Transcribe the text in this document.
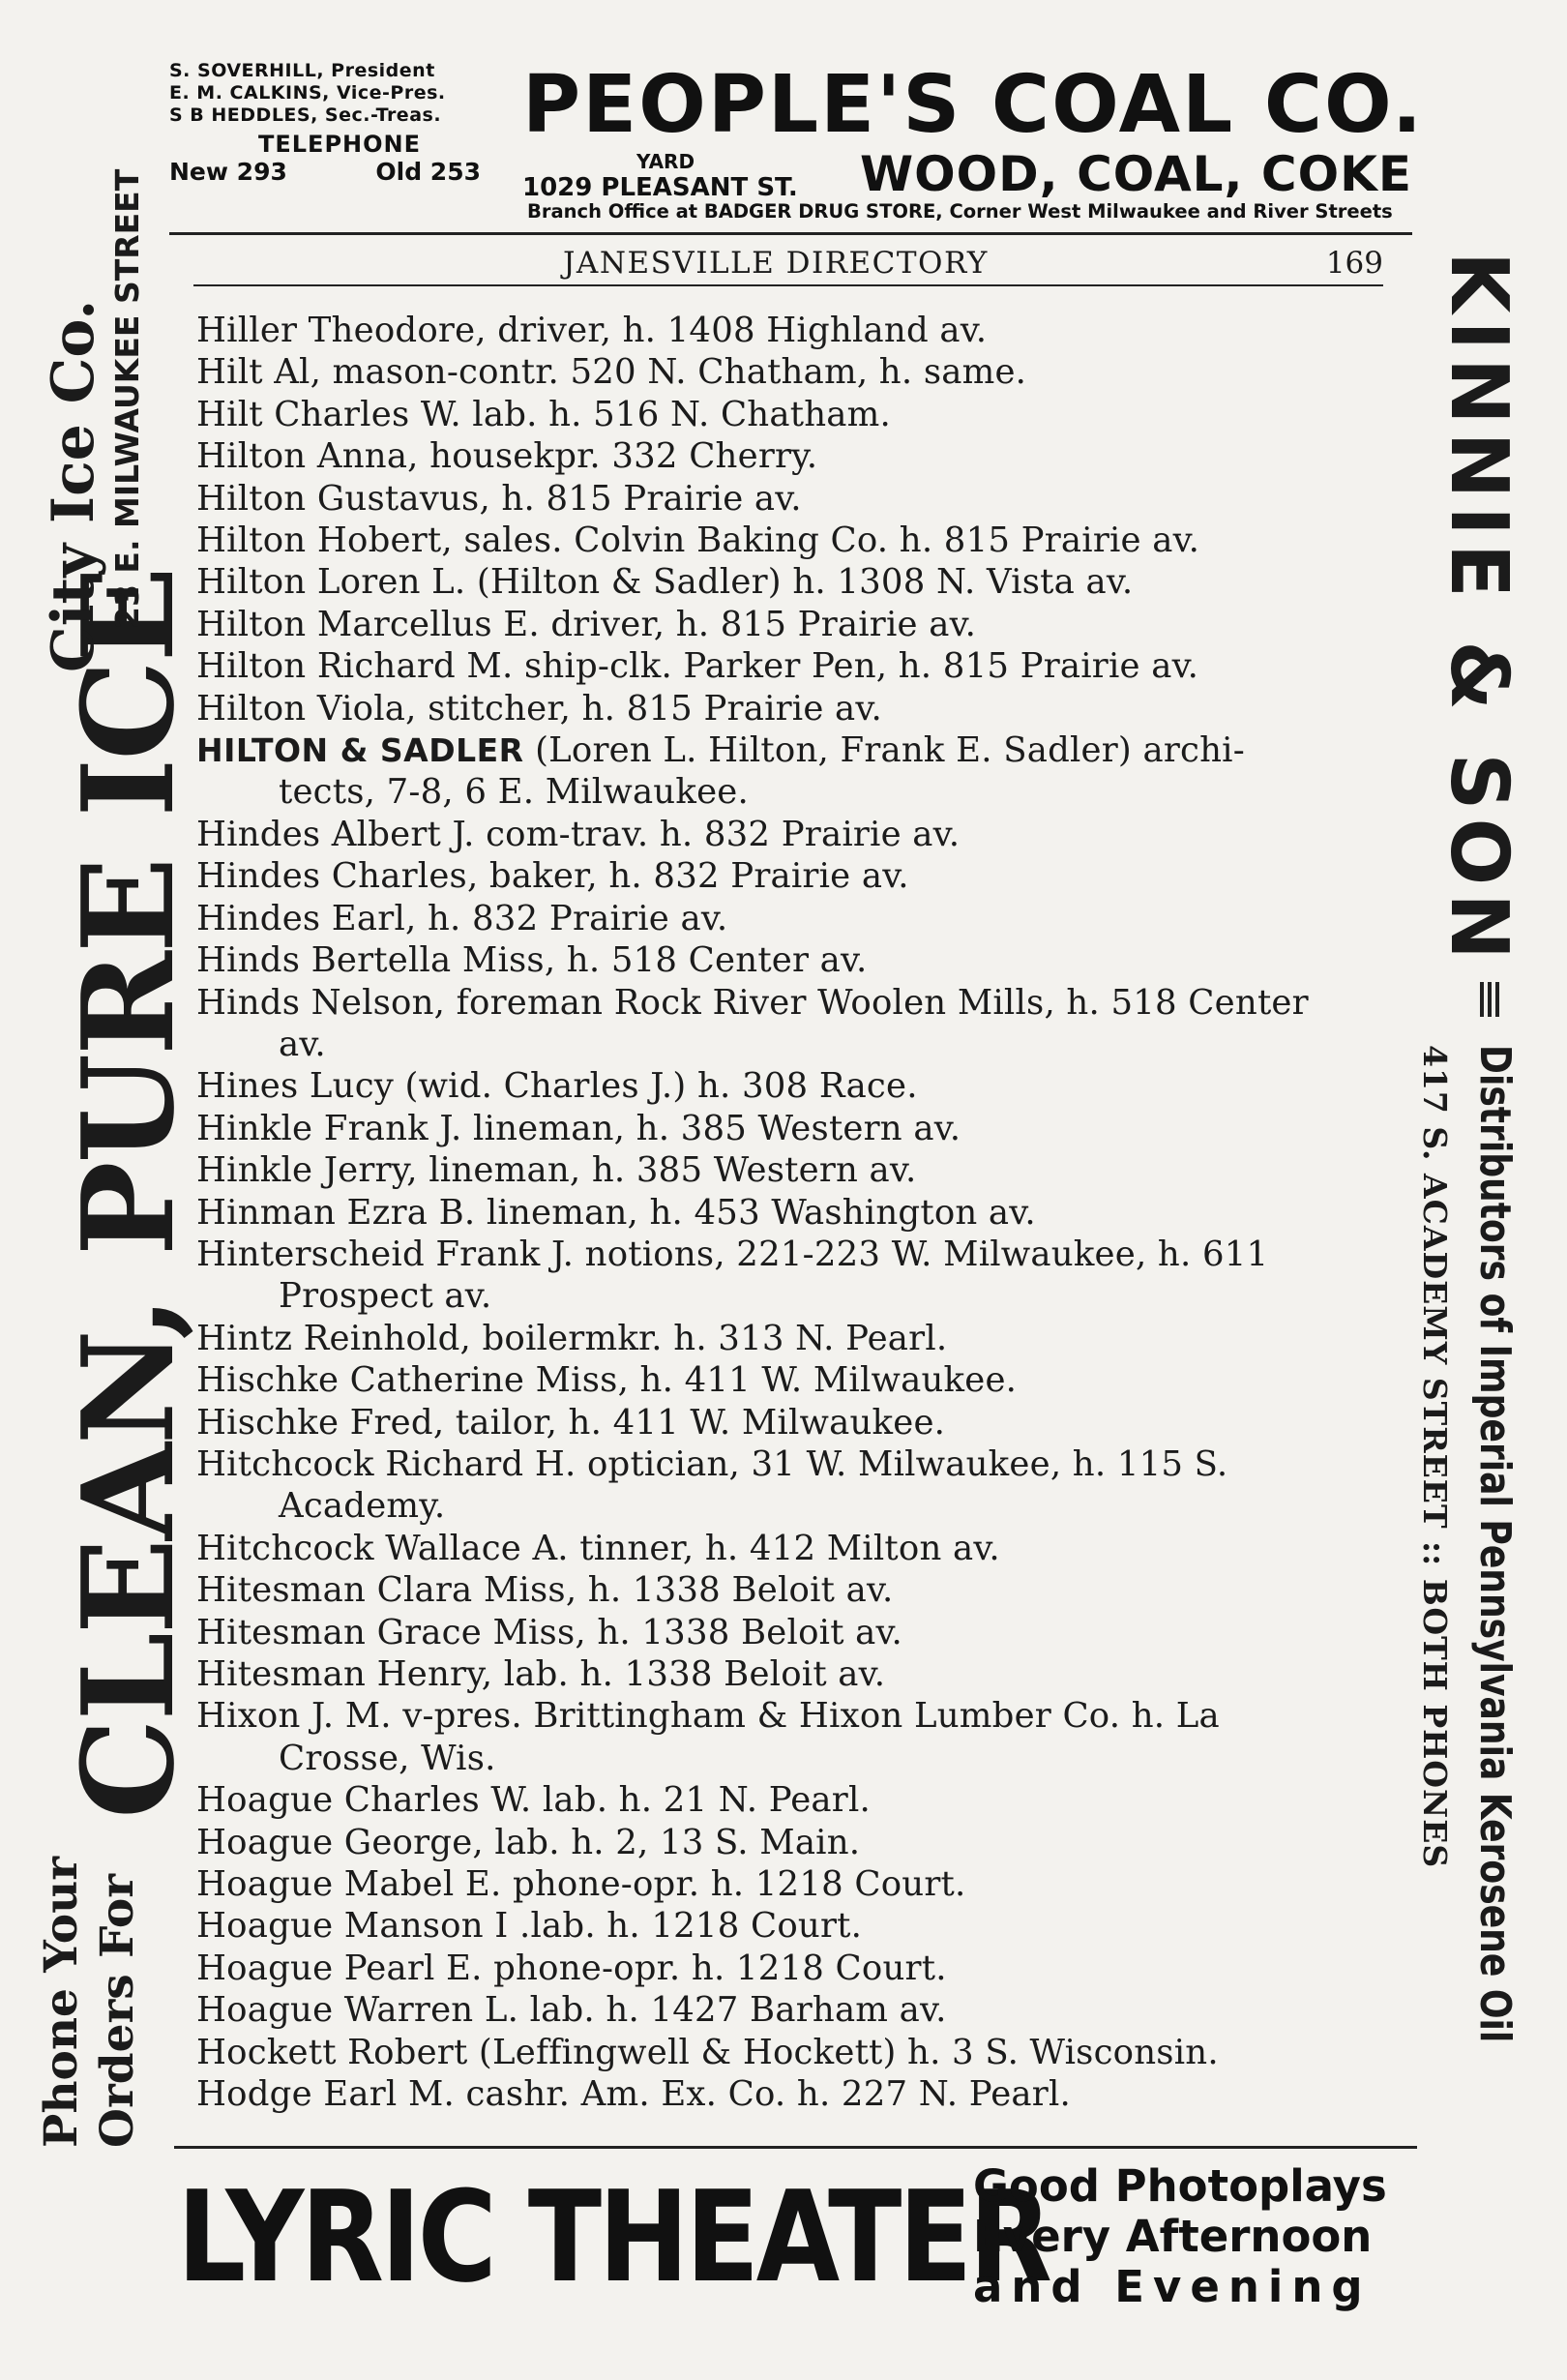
S. SOVERHILL, President
E. M. CALKINS, Vice-Pres.
S B HEDDLES, Sec.-Treas.
TELEPHONE
New 293	Old 253
PEOPLE'S COAL CO.
YARD
1029 PLEASANT ST.	WOOD, COAL, COKE
Branch Office at BADGER DRUG STORE, Corner West Milwaukee and River Streets
JANESVILLE DIRECTORY	169
Hiller Theodore, driver, h. 1408 Highland av.
Hilt Al, mason-contr. 520 N. Chatham, h. same.
Hilt Charles W. lab. h. 516 N. Chatham.
Hilton Anna, housekpr. 332 Cherry.
Hilton Gustavus, h. 815 Prairie av.
Hilton Hobert, sales. Colvin Baking Co. h. 815 Prairie av.
Hilton Loren L. (Hilton & Sadler) h. 1308 N. Vista av.
Hilton Marcellus E. driver, h. 815 Prairie av.
Hilton Richard M. ship-clk. Parker Pen, h. 815 Prairie av.
Hilton Viola, stitcher, h. 815 Prairie av.
HILTON & SADLER (Loren L. Hilton, Frank E. Sadler) archi-
tects, 7-8, 6 E. Milwaukee.
Hindes Albert J. com-trav. h. 832 Prairie av.
Hindes Charles, baker, h. 832 Prairie av.
Hindes Earl, h. 832 Prairie av.
Hinds Bertella Miss, h. 518 Center av.
Hinds Nelson, foreman Rock River Woolen Mills, h. 518 Center
av.
Hines Lucy (wid. Charles J.) h. 308 Race.
Hinkle Frank J. lineman, h. 385 Western av.
Hinkle Jerry, lineman, h. 385 Western av.
Hinman Ezra B. lineman, h. 453 Washington av.
Hinterscheid Frank J. notions, 221-223 W. Milwaukee, h. 611
Prospect av.
Hintz Reinhold, boilermkr. h. 313 N. Pearl.
Hischke Catherine Miss, h. 411 W. Milwaukee.
Hischke Fred, tailor, h. 411 W. Milwaukee.
Hitchcock Richard H. optician, 31 W. Milwaukee, h. 115 S.
Academy.
Hitchcock Wallace A. tinner, h. 412 Milton av.
Hitesman Clara Miss, h. 1338 Beloit av.
Hitesman Grace Miss, h. 1338 Beloit av.
Hitesman Henry, lab. h. 1338 Beloit av.
Hixon J. M. v-pres. Brittingham & Hixon Lumber Co. h. La
Crosse, Wis.
Hoague Charles W. lab. h. 21 N. Pearl.
Hoague George, lab. h. 2, 13 S. Main.
Hoague Mabel E. phone-opr. h. 1218 Court.
Hoague Manson I .lab. h. 1218 Court.
Hoague Pearl E. phone-opr. h. 1218 Court.
Hoague Warren L. lab. h. 1427 Barham av.
Hockett Robert (Leffingwell & Hockett) h. 3 S. Wisconsin.
Hodge Earl M. cashr. Am. Ex. Co. h. 227 N. Pearl.
Phone Your Orders For
CLEAN, PURE ICE
City Ice Co. 23 E. MILWAUKEE STREET	KINNIE & SON
Distributors of Imperial Pennsylvania Kerosene Oil
417 S. ACADEMY STREET :: BOTH PHONES
LYRIC THEATER
Good Photoplays
Every Afternoon
and Evening
